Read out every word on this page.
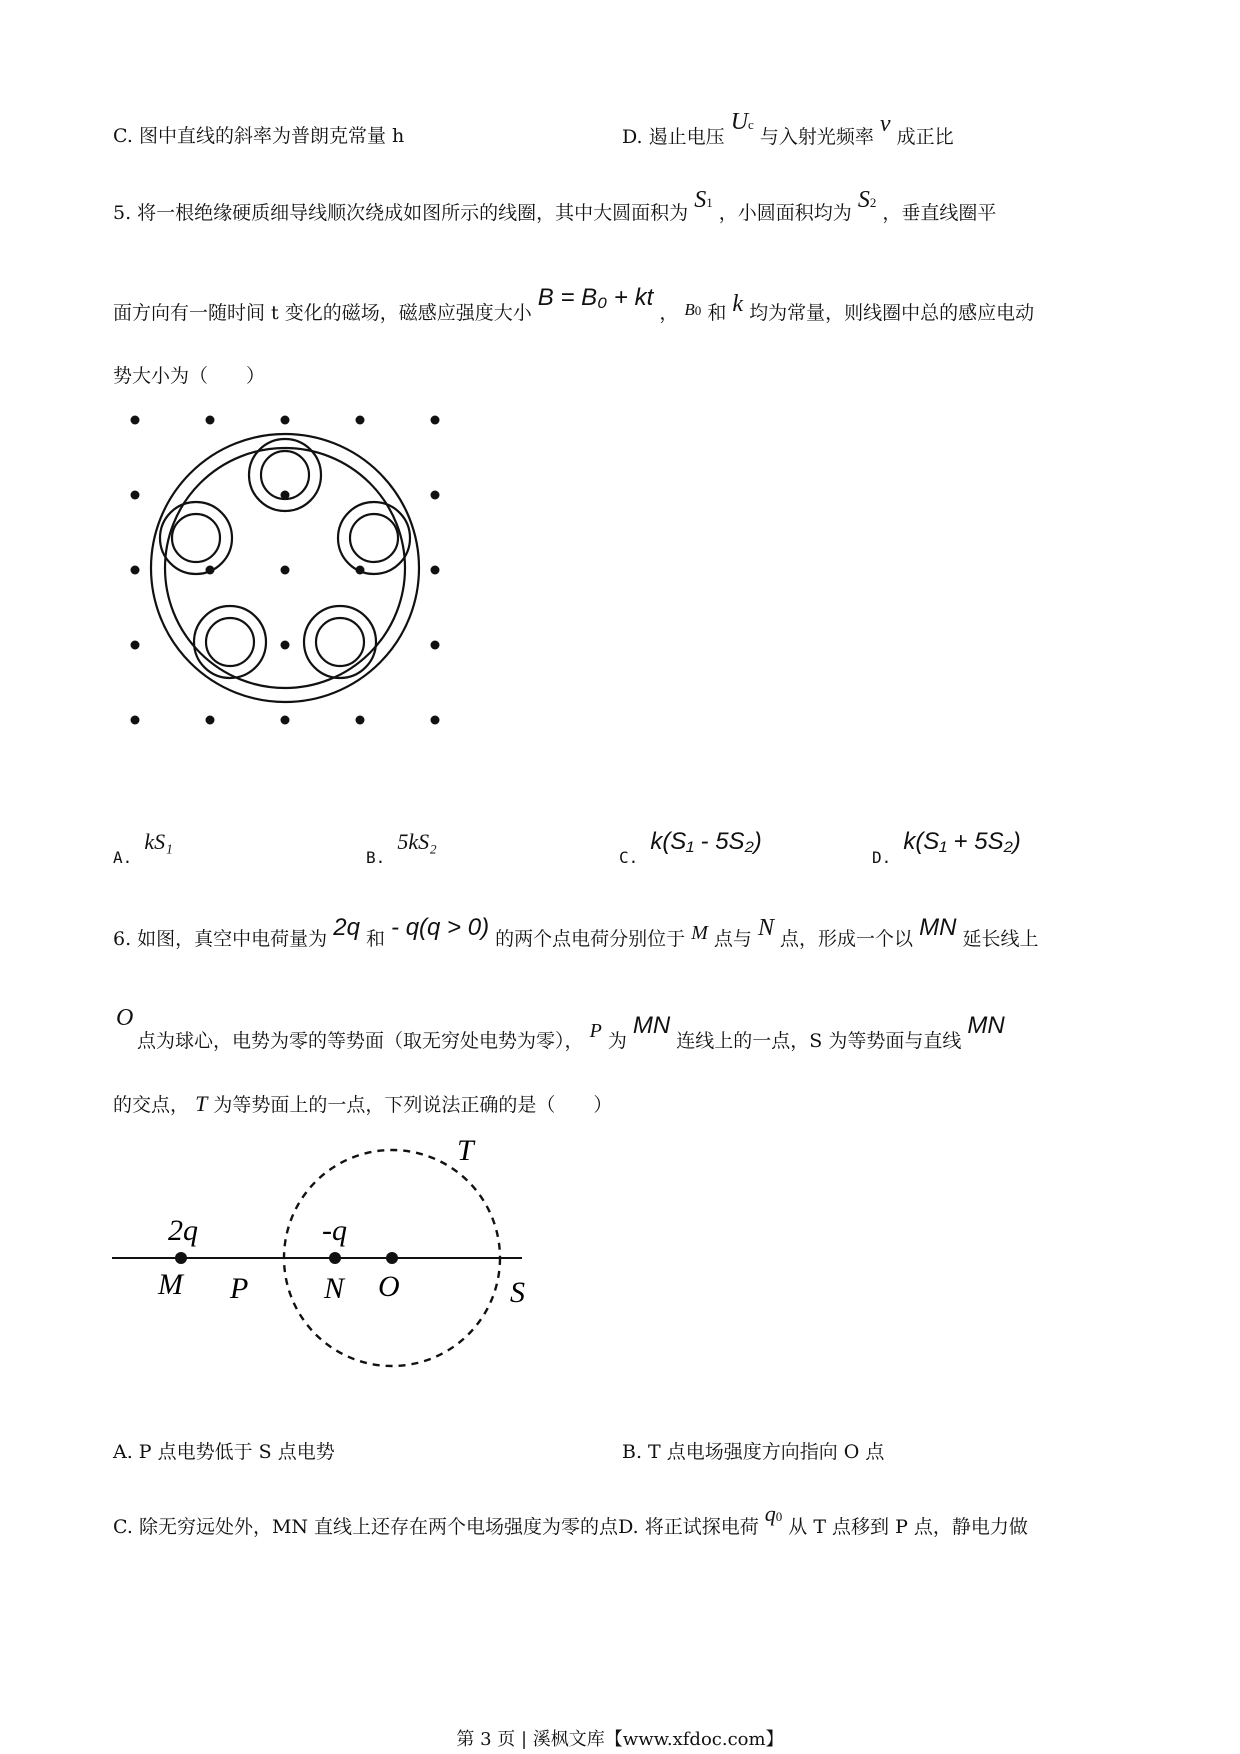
C. 图中直线的斜率为普朗克常量 h	D. 遏止电压 Uc 与入射光频率 ν 成正比
5. 将一根绝缘硬质细导线顺次绕成如图所示的线圈，其中大圆面积为 S1 ，小圆面积均为 S2 ，垂直线圈平
面方向有一随时间 t 变化的磁场，磁感应强度大小 B = B₀ + kt ， B0 和 k 均为常量，则线圈中总的感应电动
势大小为（　　）
A. kS₁
B. 5kS₂
C. k(S₁ - 5S₂)
D. k(S₁ + 5S₂)
6. 如图，真空中电荷量为 2q 和 - q(q > 0) 的两个点电荷分别位于 M 点与 N 点，形成一个以 MN 延长线上
O
点为球心，电势为零的等势面（取无穷处电势为零）， P 为 MN 连线上的一点，S 为等势面与直线 MN
的交点， T 为等势面上的一点，下列说法正确的是（　　）
T
2q	-q
M P	N O	S
A. P 点电势低于 S 点电势	B. T 点电场强度方向指向 O 点
C. 除无穷远处外，MN 直线上还存在两个电场强度为零的点D. 将正试探电荷 q0 从 T 点移到 P 点，静电力做
第 3 页 | 溪枫文库【www.xfdoc.com】
